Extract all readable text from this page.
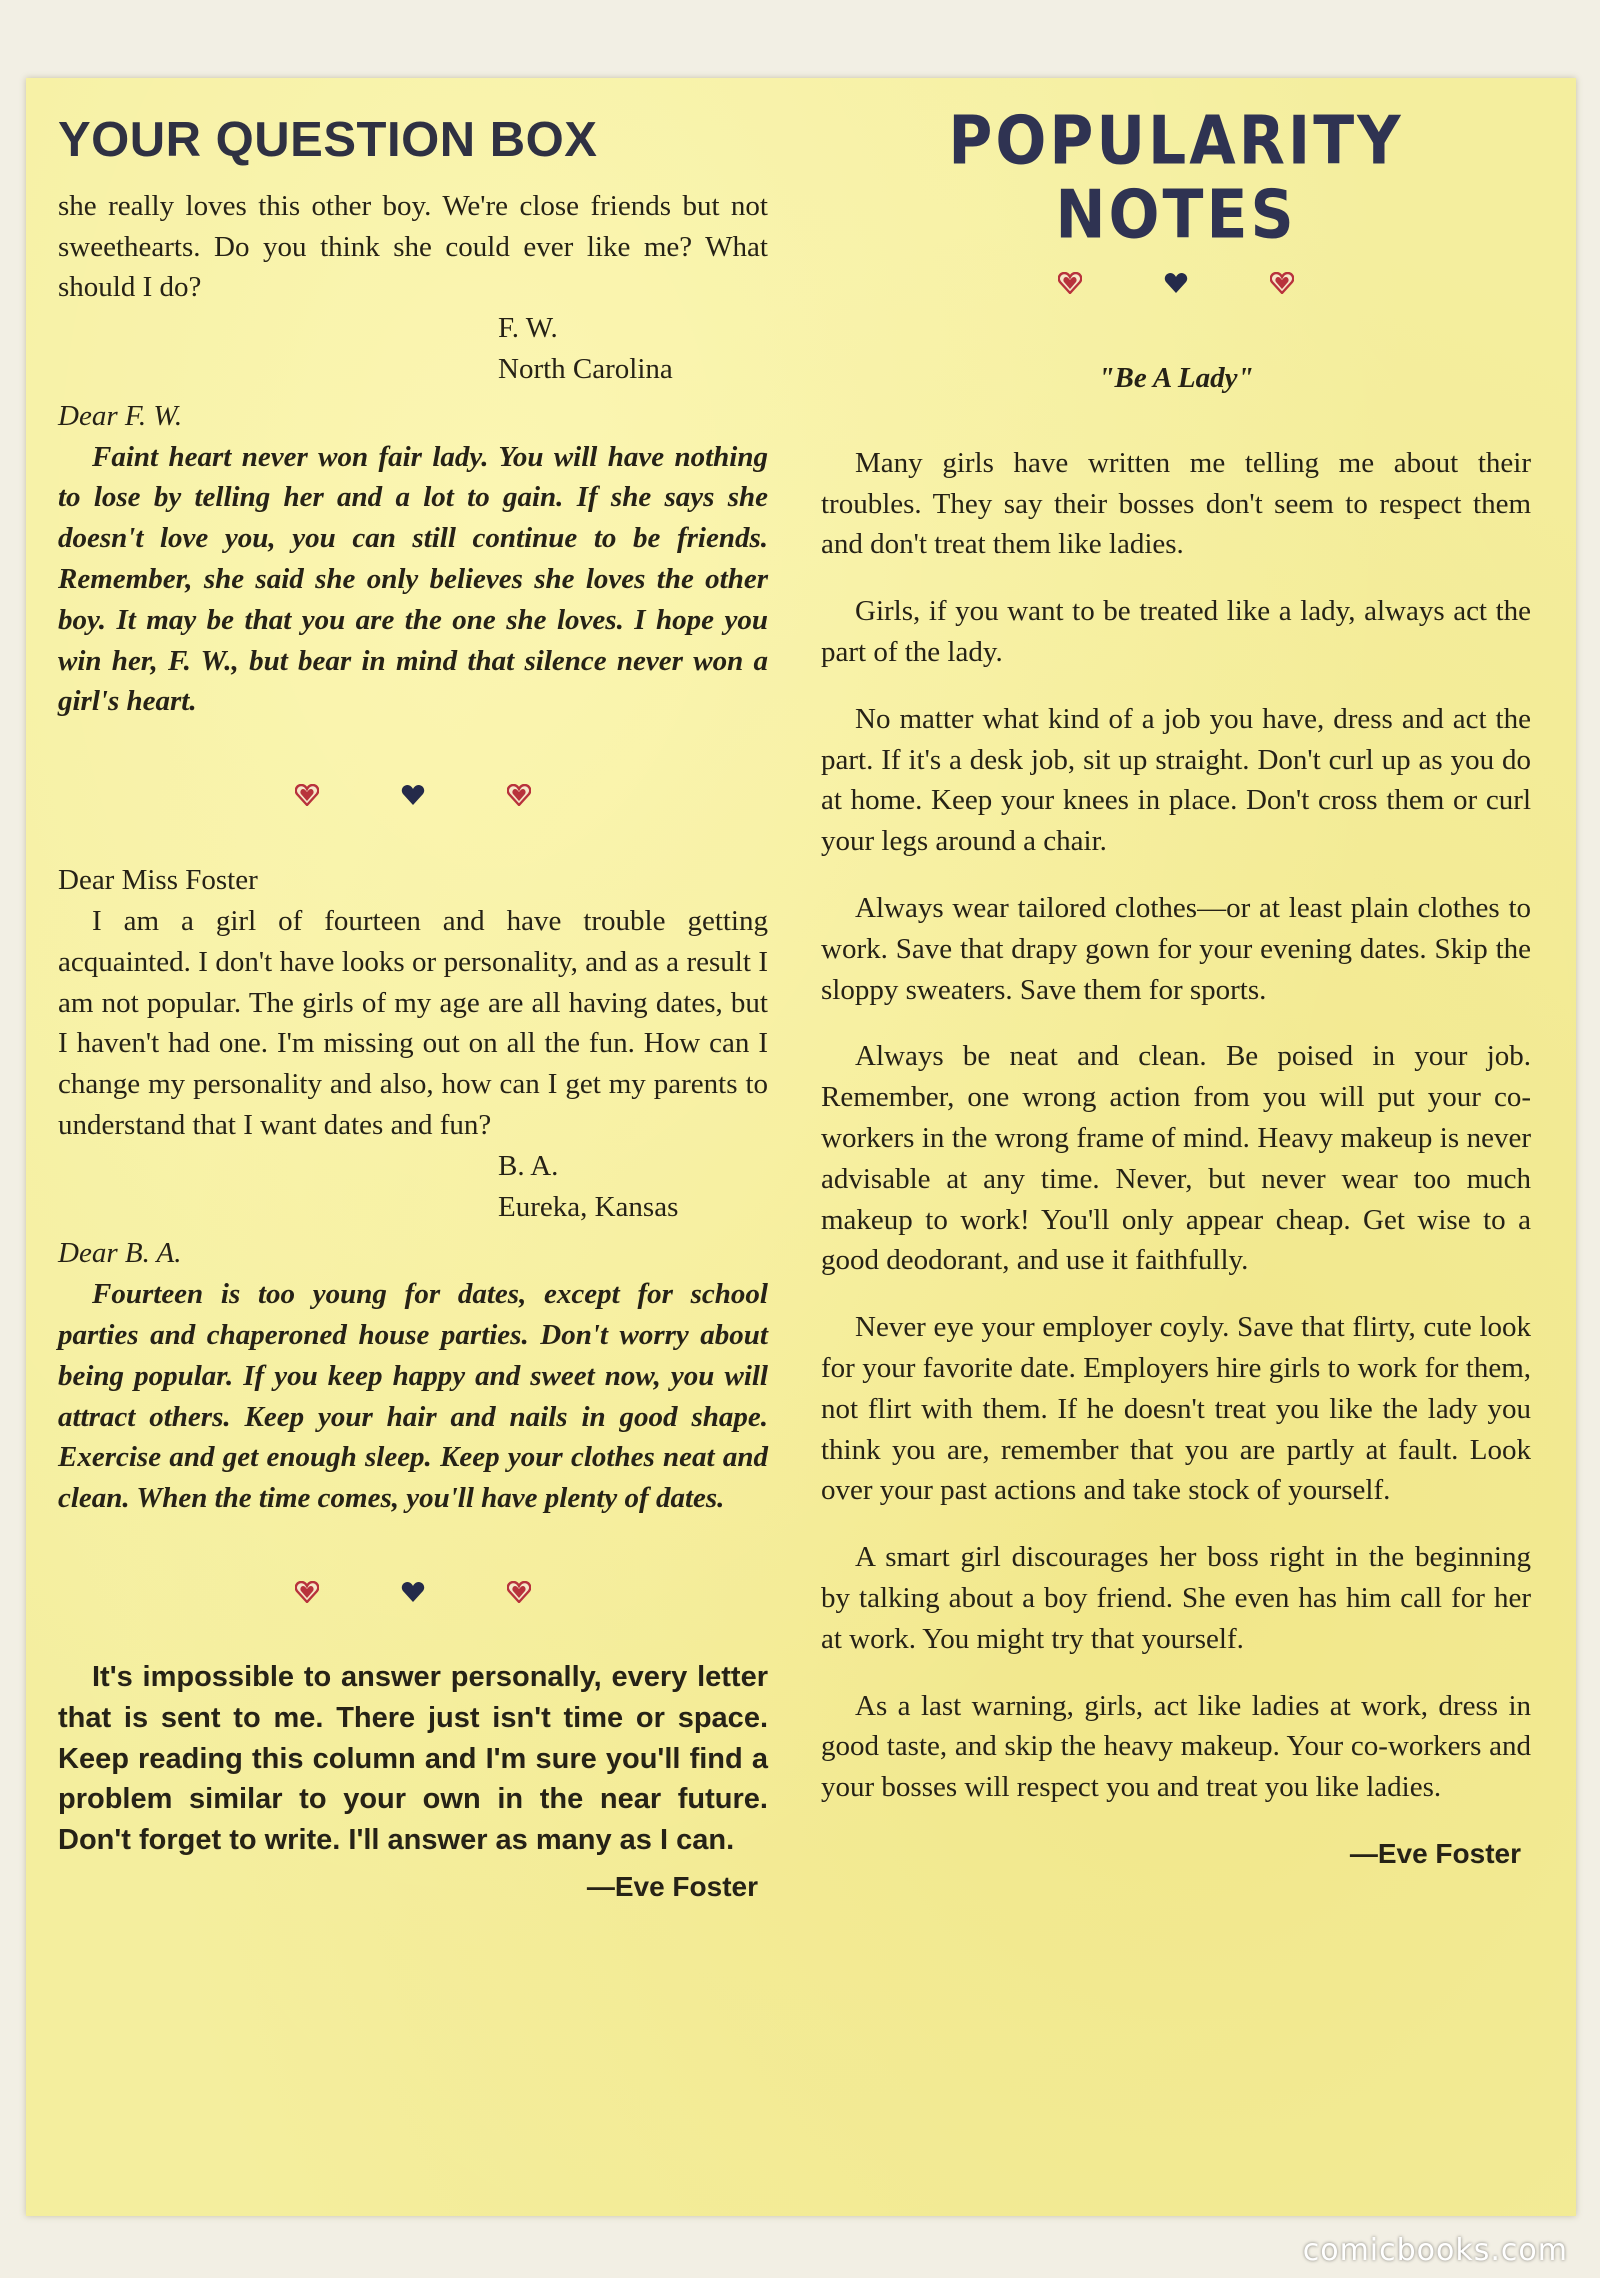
YOUR QUESTION BOX

she really loves this other boy. We're close friends but not sweethearts. Do you think she could ever like me? What should I do?

F. W.

North Carolina

Dear F. W.

Faint heart never won fair lady. You will have nothing to lose by telling her and a lot to gain. If she says she doesn't love you, you can still continue to be friends. Remember, she said she only believes she loves the other boy. It may be that you are the one she loves. I hope you win her, F. W., but bear in mind that silence never won a girl's heart.

Dear Miss Foster

I am a girl of fourteen and have trouble getting acquainted. I don't have looks or personality, and as a result I am not popular. The girls of my age are all having dates, but I haven't had one. I'm missing out on all the fun. How can I change my personality and also, how can I get my parents to understand that I want dates and fun?

B. A.

Eureka, Kansas

Dear B. A.

Fourteen is too young for dates, except for school parties and chaperoned house parties. Don't worry about being popular. If you keep happy and sweet now, you will attract others. Keep your hair and nails in good shape. Exercise and get enough sleep. Keep your clothes neat and clean. When the time comes, you'll have plenty of dates.

It's impossible to answer personally, every letter that is sent to me. There just isn't time or space. Keep reading this column and I'm sure you'll find a problem similar to your own in the near future. Don't forget to write. I'll answer as many as I can.

—Eve Foster

POPULARITY NOTES

"Be A Lady"

Many girls have written me telling me about their troubles. They say their bosses don't seem to respect them and don't treat them like ladies.

Girls, if you want to be treated like a lady, always act the part of the lady.

No matter what kind of a job you have, dress and act the part. If it's a desk job, sit up straight. Don't curl up as you do at home. Keep your knees in place. Don't cross them or curl your legs around a chair.

Always wear tailored clothes—or at least plain clothes to work. Save that drapy gown for your evening dates. Skip the sloppy sweaters. Save them for sports.

Always be neat and clean. Be poised in your job. Remember, one wrong action from you will put your co-workers in the wrong frame of mind. Heavy makeup is never advisable at any time. Never, but never wear too much makeup to work! You'll only appear cheap. Get wise to a good deodorant, and use it faithfully.

Never eye your employer coyly. Save that flirty, cute look for your favorite date. Employers hire girls to work for them, not flirt with them. If he doesn't treat you like the lady you think you are, remember that you are partly at fault. Look over your past actions and take stock of yourself.

A smart girl discourages her boss right in the beginning by talking about a boy friend. She even has him call for her at work. You might try that yourself.

As a last warning, girls, act like ladies at work, dress in good taste, and skip the heavy makeup. Your co-workers and your bosses will respect you and treat you like ladies.

—Eve Foster

comicbooks.com
